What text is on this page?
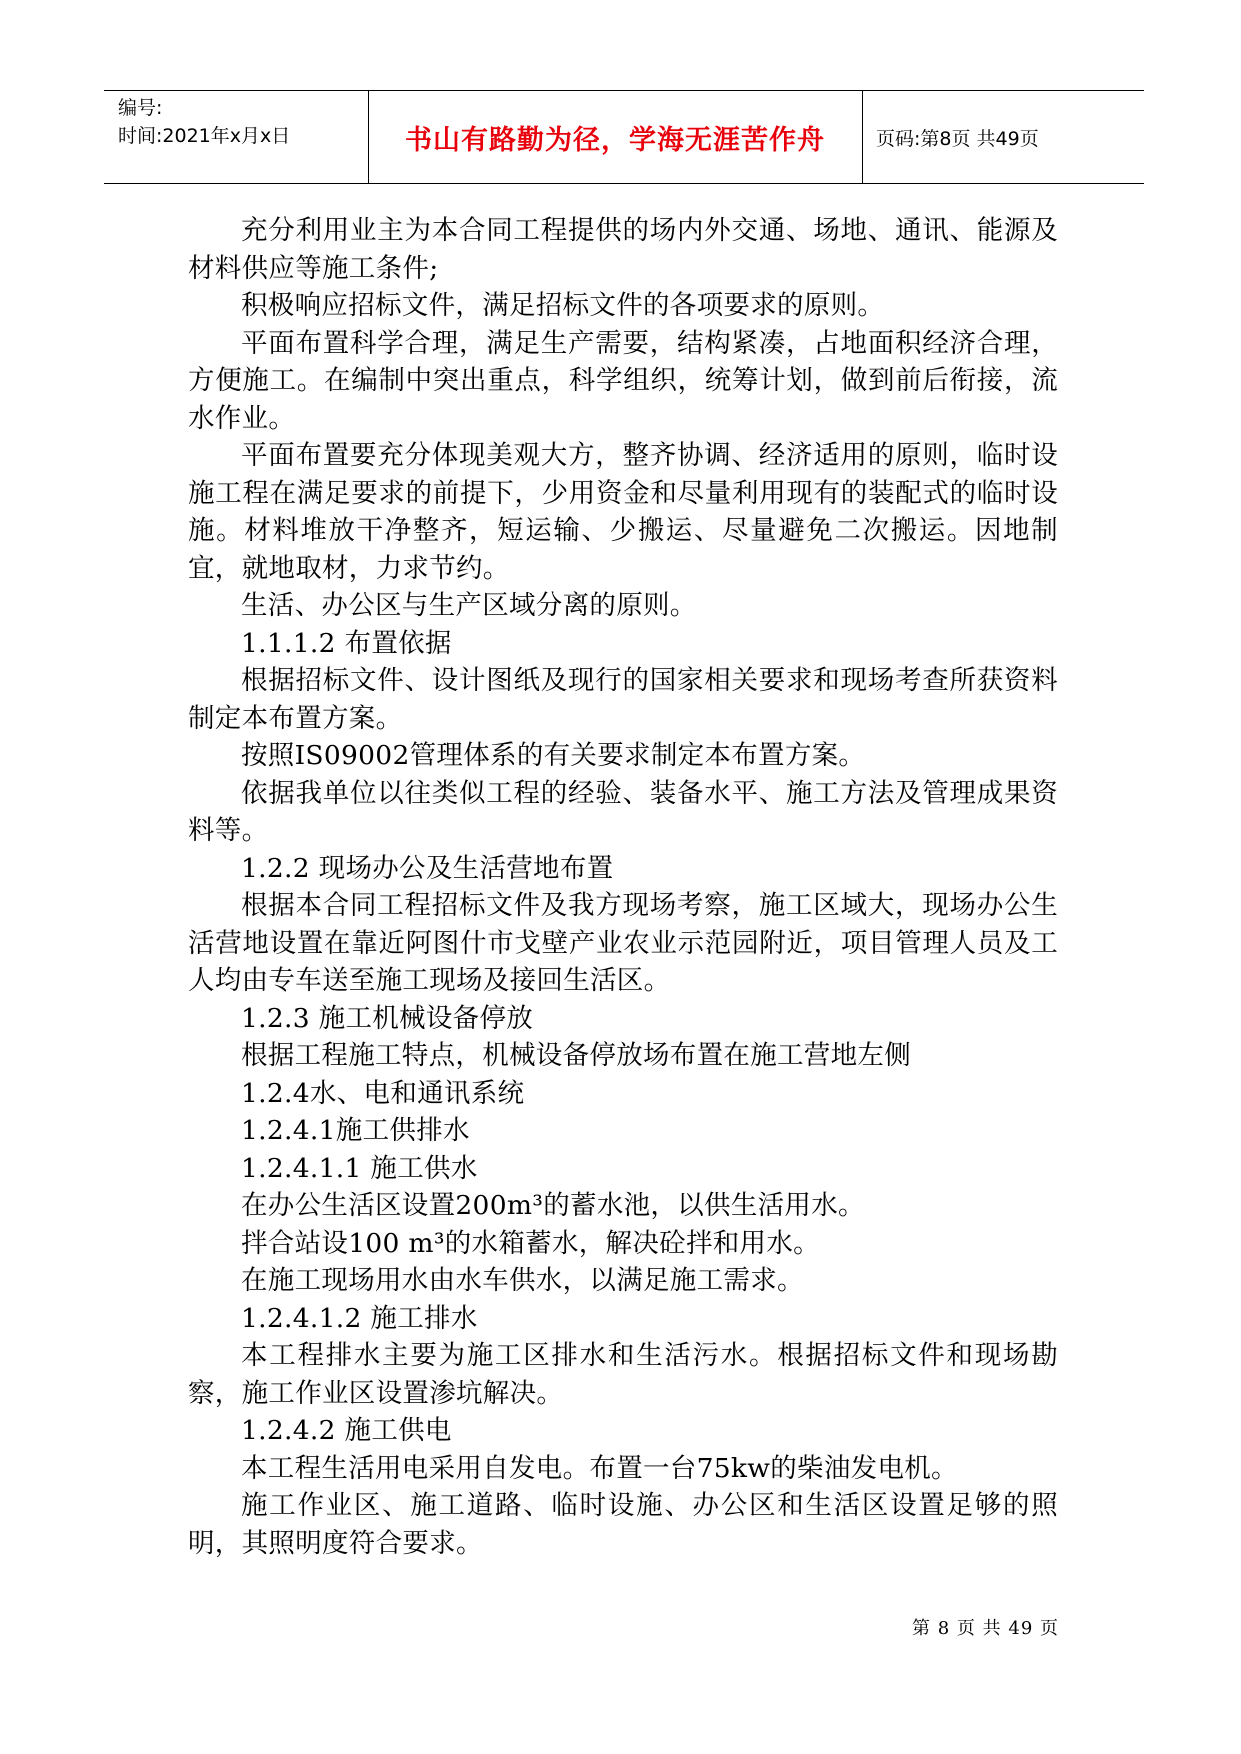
编号:
时间:2021年x月x日	书山有路勤为径，学海无涯苦作舟	页码:第8页 共49页

充分利用业主为本合同工程提供的场内外交通、场地、通讯、能源及材料供应等施工条件;

积极响应招标文件，满足招标文件的各项要求的原则。

平面布置科学合理，满足生产需要，结构紧凑，占地面积经济合理，方便施工。在编制中突出重点，科学组织，统筹计划，做到前后衔接，流水作业。

平面布置要充分体现美观大方，整齐协调、经济适用的原则，临时设施工程在满足要求的前提下，少用资金和尽量利用现有的装配式的临时设施。材料堆放干净整齐，短运输、少搬运、尽量避免二次搬运。因地制宜，就地取材，力求节约。

生活、办公区与生产区域分离的原则。

1.1.1.2 布置依据

根据招标文件、设计图纸及现行的国家相关要求和现场考查所获资料制定本布置方案。

按照IS09002管理体系的有关要求制定本布置方案。

依据我单位以往类似工程的经验、装备水平、施工方法及管理成果资料等。

1.2.2 现场办公及生活营地布置

根据本合同工程招标文件及我方现场考察，施工区域大，现场办公生活营地设置在靠近阿图什市戈壁产业农业示范园附近，项目管理人员及工人均由专车送至施工现场及接回生活区。

1.2.3 施工机械设备停放

根据工程施工特点，机械设备停放场布置在施工营地左侧

1.2.4水、电和通讯系统

1.2.4.1施工供排水

1.2.4.1.1 施工供水

在办公生活区设置200m³的蓄水池，以供生活用水。

拌合站设100 m³的水箱蓄水，解决砼拌和用水。

在施工现场用水由水车供水，以满足施工需求。

1.2.4.1.2 施工排水

本工程排水主要为施工区排水和生活污水。根据招标文件和现场勘察，施工作业区设置渗坑解决。

1.2.4.2 施工供电

本工程生活用电采用自发电。布置一台75kw的柴油发电机。

施工作业区、施工道路、临时设施、办公区和生活区设置足够的照明，其照明度符合要求。

第 8 页 共 49 页
